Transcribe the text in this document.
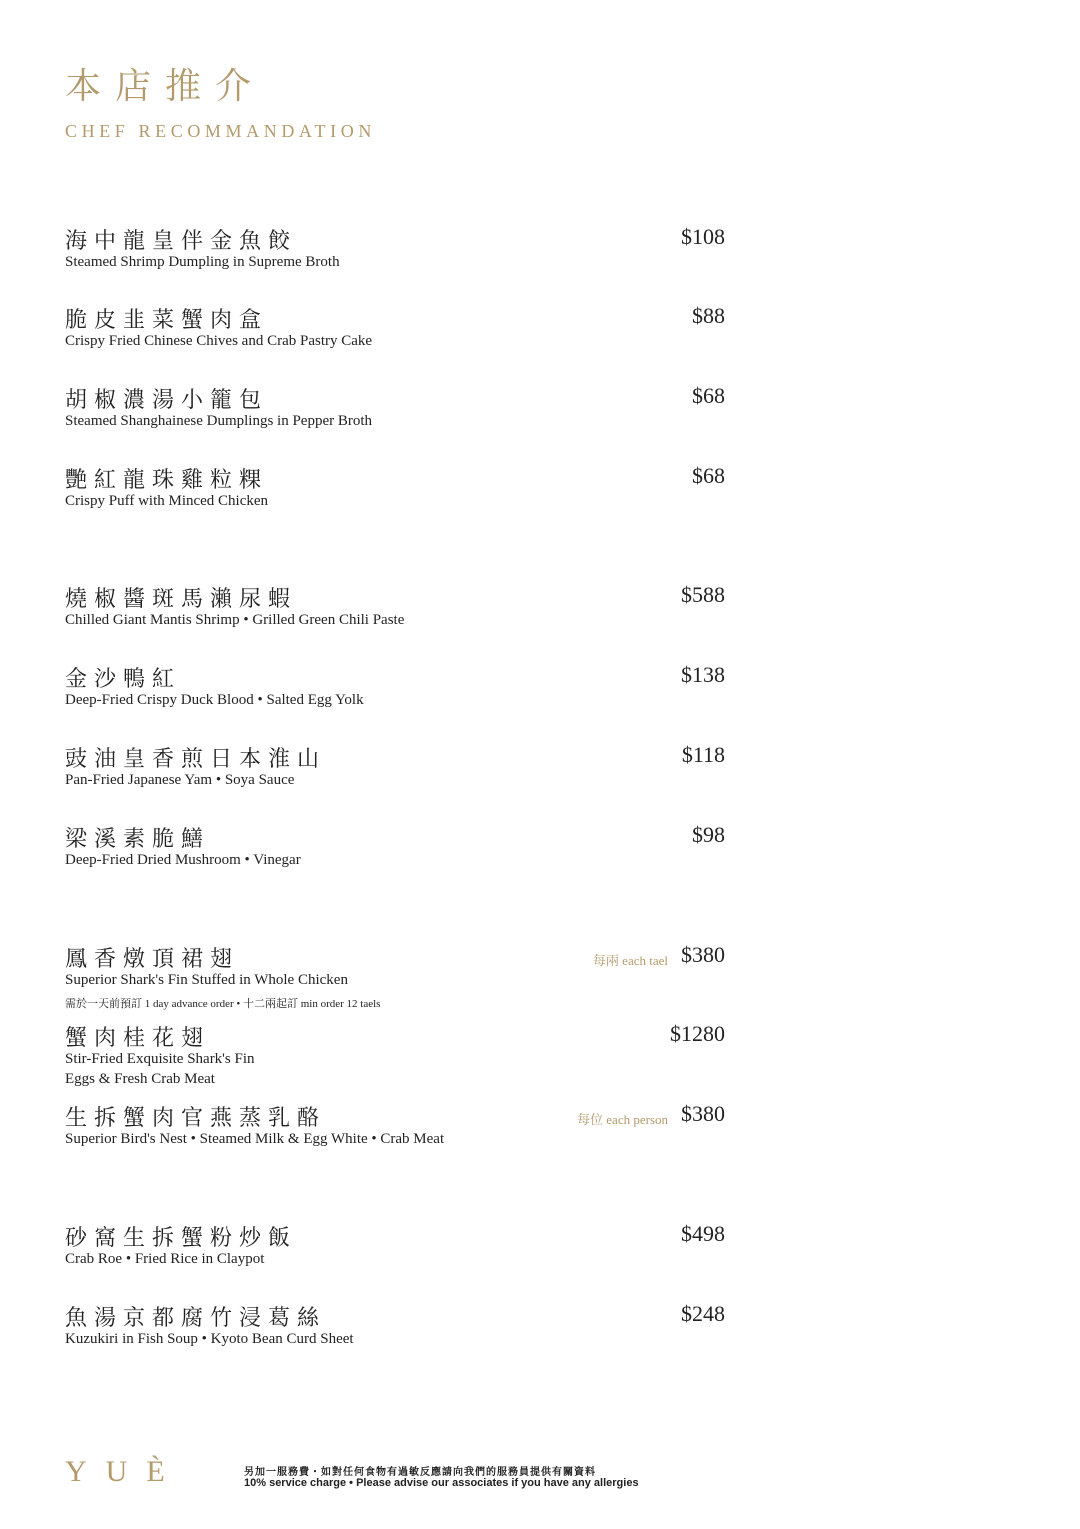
本店推介
CHEF RECOMMANDATION
海中龍皇伴金魚餃
Steamed Shrimp Dumpling in Supreme Broth
$108
脆皮韭菜蟹肉盒
Crispy Fried Chinese Chives and Crab Pastry Cake
$88
胡椒濃湯小籠包
Steamed Shanghainese Dumplings in Pepper Broth
$68
艷紅龍珠雞粒粿
Crispy Puff with Minced Chicken
$68
燒椒醬斑馬瀨尿蝦
Chilled Giant Mantis Shrimp • Grilled Green Chili Paste
$588
金沙鴨紅
Deep-Fried Crispy Duck Blood • Salted Egg Yolk
$138
豉油皇香煎日本淮山
Pan-Fried Japanese Yam • Soya Sauce
$118
梁溪素脆鱔
Deep-Fried Dried Mushroom • Vinegar
$98
鳳香燉頂裙翅
Superior Shark's Fin Stuffed in Whole Chicken
需於一天前預訂 1 day advance order • 十二兩起訂 min order 12 taels
每兩 each tael $380
蟹肉桂花翅
Stir-Fried Exquisite Shark's Fin
Eggs & Fresh Crab Meat
$1280
生拆蟹肉官燕蒸乳酪
Superior Bird's Nest • Steamed Milk & Egg White • Crab Meat
每位 each person $380
砂窩生拆蟹粉炒飯
Crab Roe • Fried Rice in Claypot
$498
魚湯京都腐竹浸葛絲
Kuzukiri in Fish Soup • Kyoto Bean Curd Sheet
$248
YUÈ	另加一服務費・如對任何食物有過敏反應請向我們的服務員提供有關資料
10% service charge • Please advise our associates if you have any allergies
